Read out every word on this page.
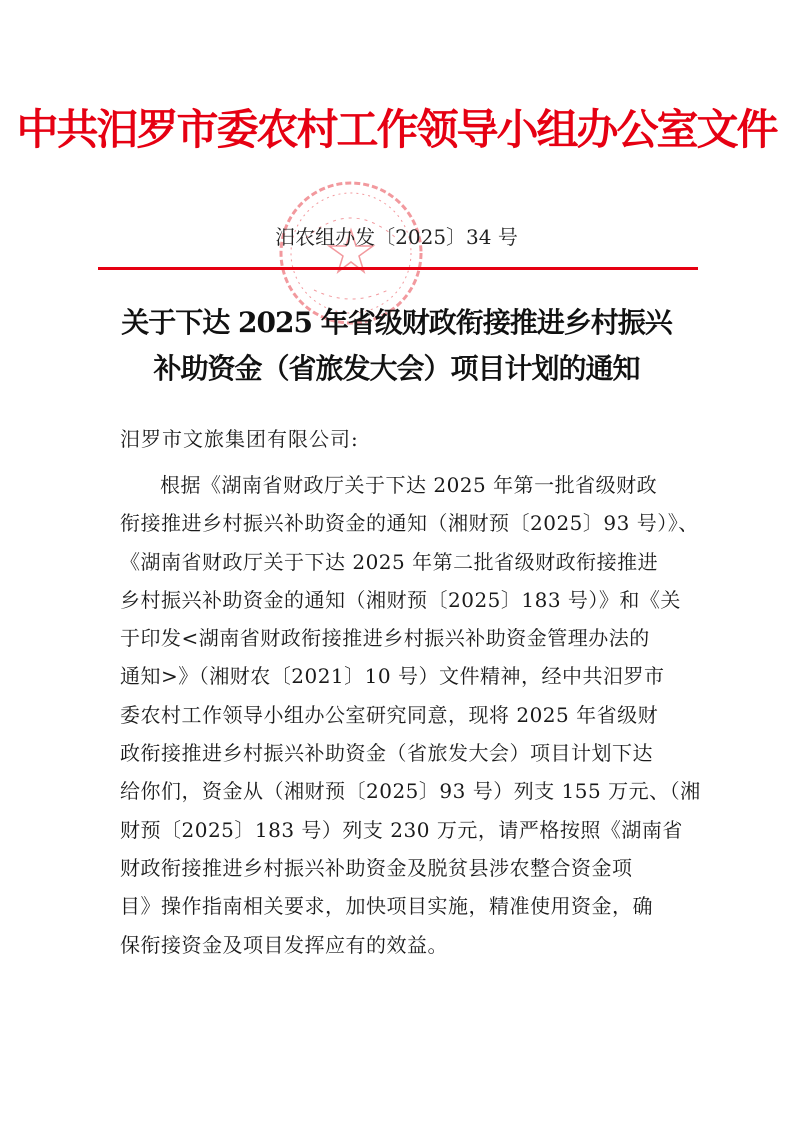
中共汨罗市委农村工作领导小组办公室文件
汨农组办发〔2025〕34 号
关于下达 2025 年省级财政衔接推进乡村振兴
补助资金（省旅发大会）项目计划的通知
汨罗市文旅集团有限公司:
根据《湖南省财政厅关于下达 2025 年第一批省级财政
衔接推进乡村振兴补助资金的通知（湘财预〔2025〕93 号）》、
《湖南省财政厅关于下达 2025 年第二批省级财政衔接推进
乡村振兴补助资金的通知（湘财预〔2025〕183 号）》和《关
于印发<湖南省财政衔接推进乡村振兴补助资金管理办法的
通知>》（湘财农〔2021〕10 号）文件精神，经中共汨罗市
委农村工作领导小组办公室研究同意，现将 2025 年省级财
政衔接推进乡村振兴补助资金（省旅发大会）项目计划下达
给你们，资金从（湘财预〔2025〕93 号）列支 155 万元、（湘
财预〔2025〕183 号）列支 230 万元，请严格按照《湖南省
财政衔接推进乡村振兴补助资金及脱贫县涉农整合资金项
目》操作指南相关要求，加快项目实施，精准使用资金，确
保衔接资金及项目发挥应有的效益。
